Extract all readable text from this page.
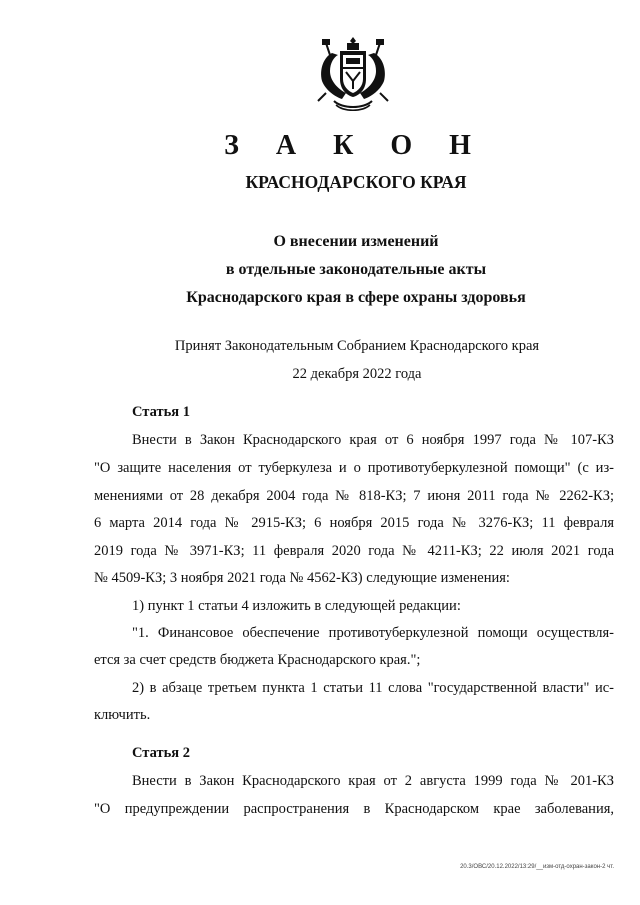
З А К О Н
КРАСНОДАРСКОГО КРАЯ
О внесении изменений
в отдельные законодательные акты
Краснодарского края в сфере охраны здоровья
Принят Законодательным Собранием Краснодарского края
22 декабря 2022 года
Статья 1
Внести в Закон Краснодарского края от 6 ноября 1997 года № 107-КЗ
"О защите населения от туберкулеза и о противотуберкулезной помощи" (с из-
менениями от 28 декабря 2004 года № 818-КЗ; 7 июня 2011 года № 2262-КЗ;
6 марта 2014 года № 2915-КЗ; 6 ноября 2015 года № 3276-КЗ; 11 февраля
2019 года № 3971-КЗ; 11 февраля 2020 года № 4211-КЗ; 22 июля 2021 года
№ 4509-КЗ; 3 ноября 2021 года № 4562-КЗ) следующие изменения:
1) пункт 1 статьи 4 изложить в следующей редакции:
"1. Финансовое обеспечение противотуберкулезной помощи осуществля-
ется за счет средств бюджета Краснодарского края.";
2) в абзаце третьем пункта 1 статьи 11 слова "государственной власти" ис-
ключить.
Статья 2
Внести в Закон Краснодарского края от 2 августа 1999 года № 201-КЗ
"О предупреждении распространения в Краснодарском крае заболевания,
20.3/ОВС/20.12.2022/13:29/__изм-отд-охран-закон-2 чт.
